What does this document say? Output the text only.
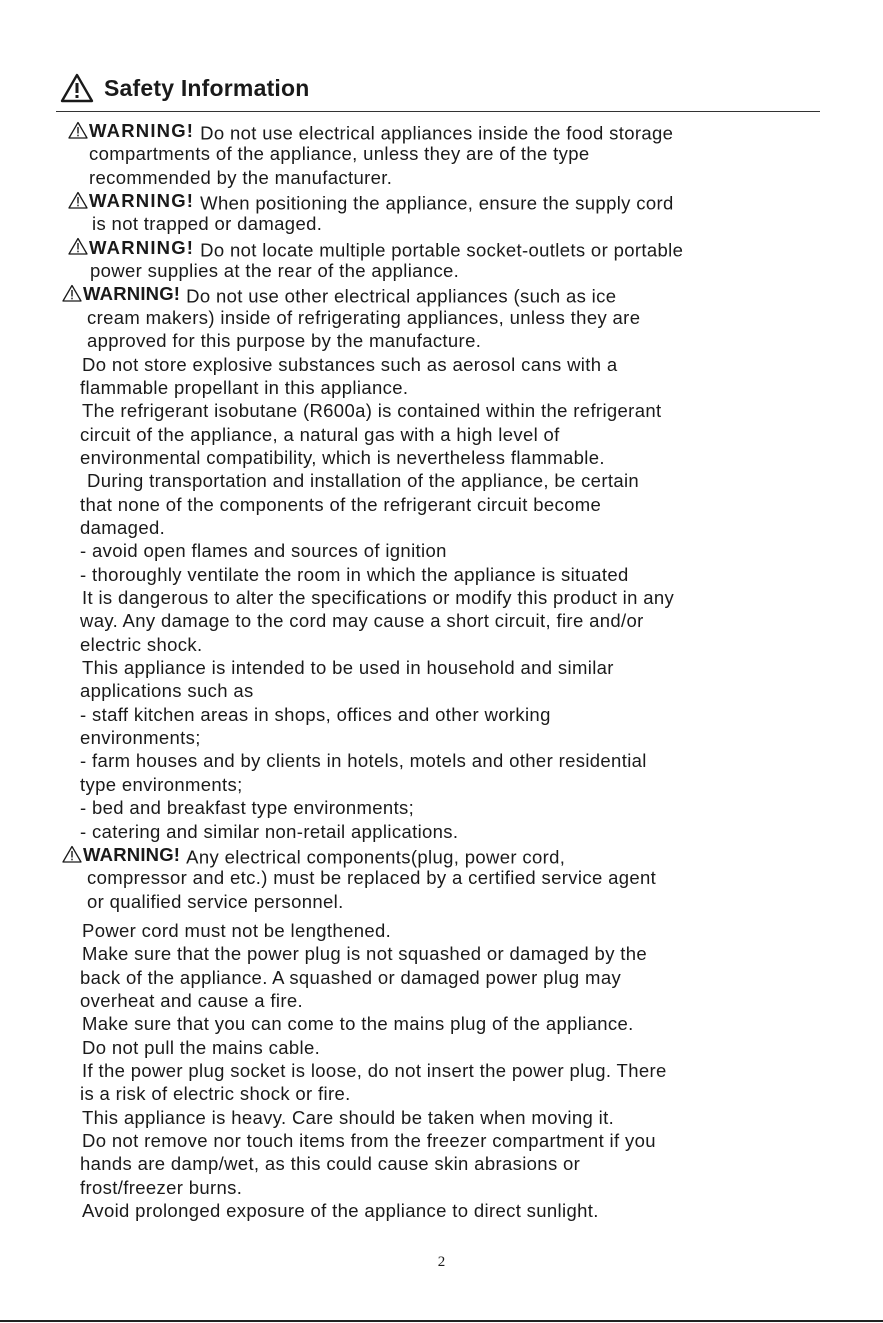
Safety Information
WARNING! Do not use electrical appliances inside the food storage
compartments of the appliance, unless they are of the type
recommended by the manufacturer.
WARNING! When positioning the appliance, ensure the supply cord
is not trapped or damaged.
WARNING! Do not locate multiple portable socket-outlets or portable
power supplies at the rear of the appliance.
WARNING! Do not use other electrical appliances (such as ice
cream makers) inside of refrigerating appliances, unless they are
approved for this purpose by the manufacture.
Do not store explosive substances such as aerosol cans with a
flammable propellant in this appliance.
The refrigerant isobutane (R600a) is contained within the refrigerant
circuit of the appliance, a natural gas with a high level of
environmental compatibility, which is nevertheless flammable.
During transportation and installation of the appliance, be certain
that none of the components of the refrigerant circuit become
damaged.
- avoid open flames and sources of ignition
- thoroughly ventilate the room in which the appliance is situated
It is dangerous to alter the specifications or modify this product in any
way. Any damage to the cord may cause a short circuit, fire and/or
electric shock.
This appliance is intended to be used in household and similar
applications such as
- staff kitchen areas in shops, offices and other working
environments;
- farm houses and by clients in hotels, motels and other residential
type environments;
- bed and breakfast type environments;
- catering and similar non-retail applications.
WARNING! Any electrical components(plug, power cord,
compressor and etc.) must be replaced by a certified service agent
or qualified service personnel.
Power cord must not be lengthened.
Make sure that the power plug is not squashed or damaged by the
back of the appliance. A squashed or damaged power plug may
overheat and cause a fire.
Make sure that you can come to the mains plug of the appliance.
Do not pull the mains cable.
If the power plug socket is loose, do not insert the power plug. There
is a risk of electric shock or fire.
This appliance is heavy. Care should be taken when moving it.
Do not remove nor touch items from the freezer compartment if you
hands are damp/wet, as this could cause skin abrasions or
frost/freezer burns.
Avoid prolonged exposure of the appliance to direct sunlight.
2
